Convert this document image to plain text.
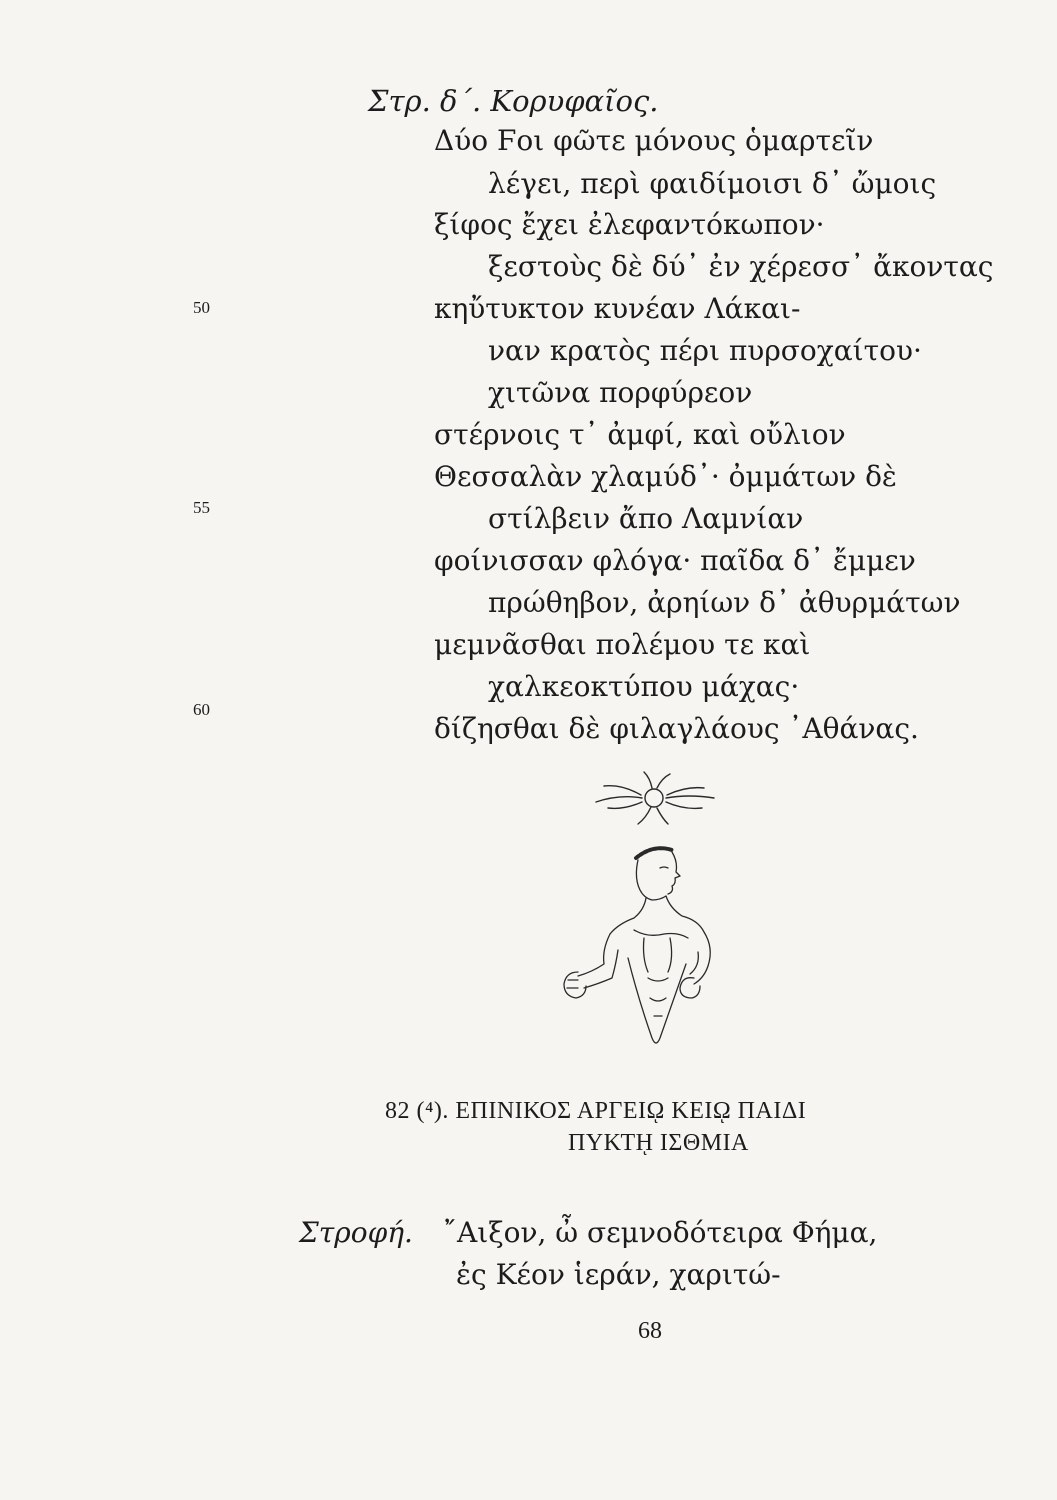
Στρ. δ΄. Κορυφαῖος.
Δύο Ϝοι φῶτε μόνους ὁμαρτεῖν
λέγει, περὶ φαιδίμοισι δ᾽ ὤμοις
ξίφος ἔχει ἐλεφαντόκωπον·
ξεστοὺς δὲ δύ᾽ ἐν χέρεσσ᾽ ἄκοντας
κηὔτυκτον κυνέαν Λάκαι-
ναν κρατὸς πέρι πυρσοχαίτου·
χιτῶνα πορφύρεον
στέρνοις τ᾽ ἀμφί, καὶ οὔλιον
Θεσσαλὰν χλαμύδ᾽· ὀμμάτων δὲ
στίλβειν ἄπο Λαμνίαν
φοίνισσαν φλόγα· παῖδα δ᾽ ἔμμεν
πρώθηβον, ἀρηίων δ᾽ ἀθυρμάτων
μεμνᾶσθαι πολέμου τε καὶ
χαλκεοκτύπου μάχας·
δίζησθαι δὲ φιλαγλάους ᾿Αθάνας.
50
55
60
82 (⁴). ΕΠΙΝΙΚΟΣ ΑΡΓΕΙῼ ΚΕΙῼ ΠΑΙΔΙ
ΠΥΚΤῌ ΙΣΘΜΙΑ
Στροφή. ῎Αιξον, ὦ σεμνοδότειρα Φήμα,
ἐς Κέον ἱεράν, χαριτώ-
68
